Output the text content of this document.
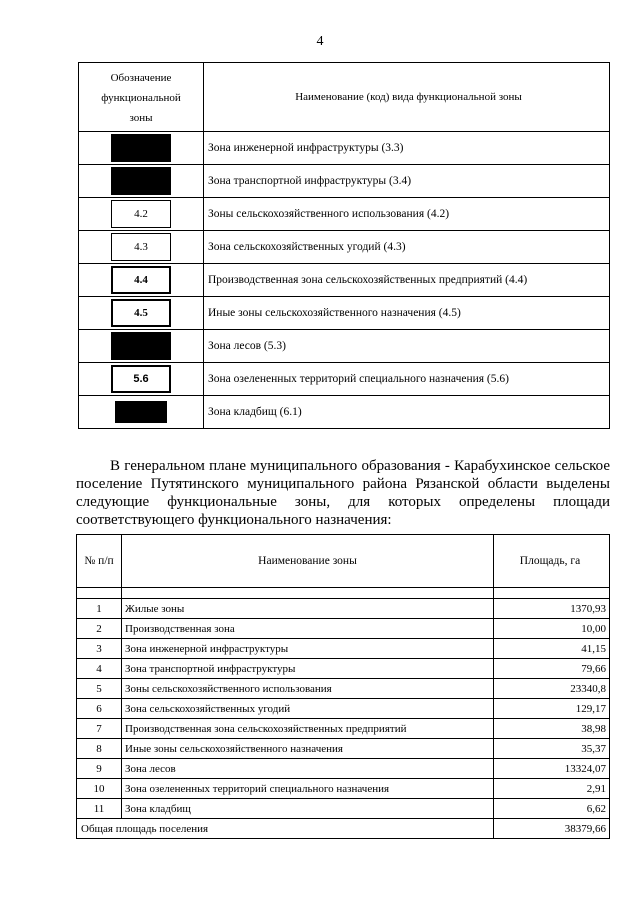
4
Обозначение
функциональной
зоны	Наименование (код) вида функциональной зоны
	Зона инженерной инфраструктуры (3.3)
	Зона транспортной инфраструктуры (3.4)
4.2	Зоны сельскохозяйственного использования (4.2)
4.3	Зона сельскохозяйственных угодий (4.3)
4.4	Производственная зона сельскохозяйственных предприятий (4.4)
4.5	Иные зоны сельскохозяйственного назначения (4.5)
	Зона лесов (5.3)
5.6	Зона озелененных территорий специального назначения (5.6)
	Зона кладбищ (6.1)
В генеральном плане муниципального образования - Карабухинское сельское
поселение Путятинского муниципального района Рязанской области выделены
следующие функциональные зоны, для которых определены площади
соответствующего функционального назначения:
№ п/п	Наименование зоны	Площадь, га

1	Жилые зоны	1370,93
2	Производственная зона	10,00
3	Зона инженерной инфраструктуры	41,15
4	Зона транспортной инфраструктуры	79,66
5	Зоны сельскохозяйственного использования	23340,8
6	Зона сельскохозяйственных угодий	129,17
7	Производственная зона сельскохозяйственных предприятий	38,98
8	Иные зоны сельскохозяйственного назначения	35,37
9	Зона лесов	13324,07
10	Зона озелененных территорий специального назначения	2,91
11	Зона кладбищ	6,62
Общая площадь поселения		38379,66
